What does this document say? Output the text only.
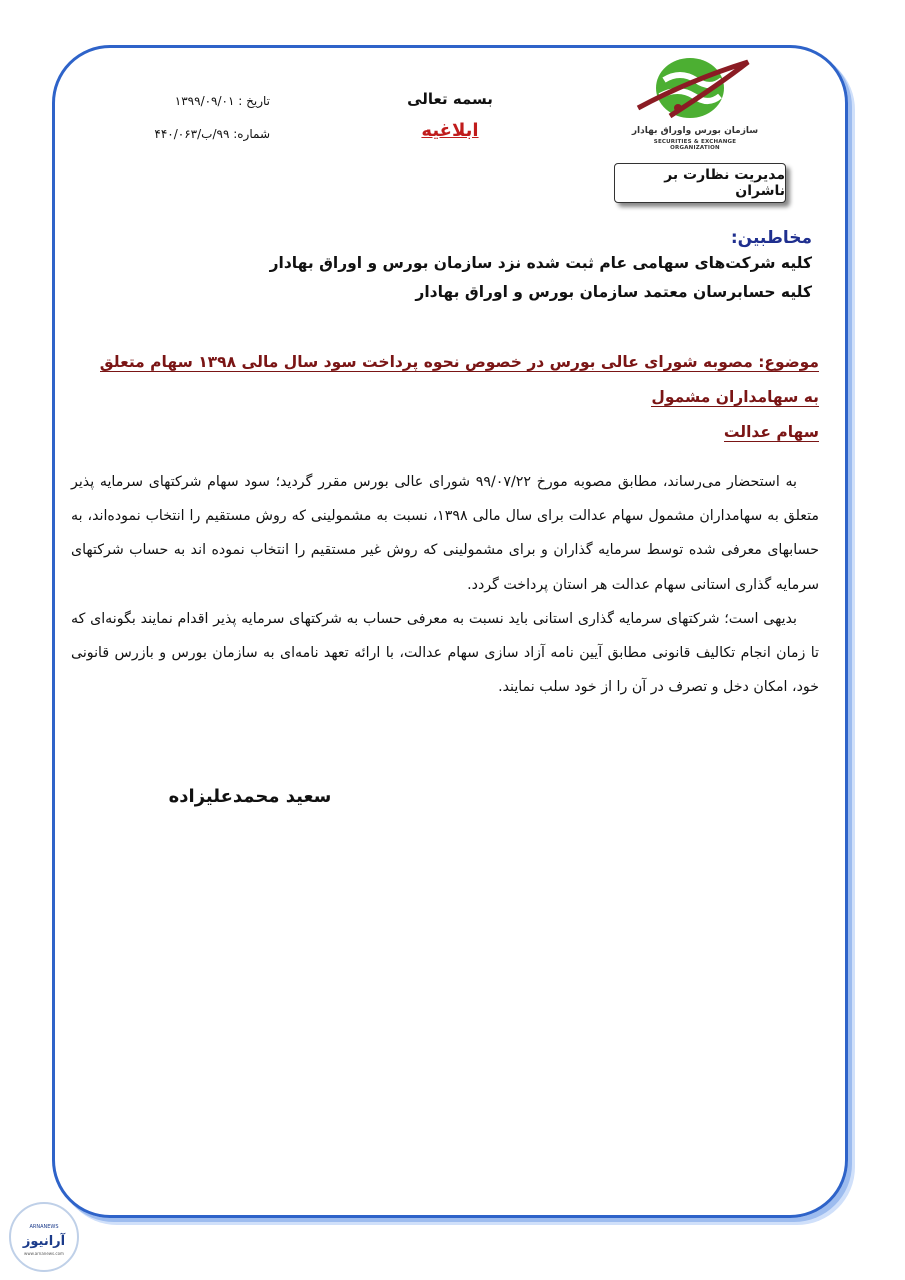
سازمان بورس واوراق بهادار
SECURITIES & EXCHANGE ORGANIZATION
مدیریت نظارت بر ناشران
بسمه تعالی
ابلاغیه
تاریخ : ۱۳۹۹/۰۹/۰۱
شماره: ۹۹/ب/۴۴۰/۰۶۳
مخاطبین:
کلیه شرکت‌های سهامی عام ثبت شده نزد سازمان بورس و اوراق بهادار
کلیه حسابرسان معتمد سازمان بورس و اوراق بهادار
موضوع: مصوبه شورای عالی بورس در خصوص نحوه پرداخت سود سال مالی ۱۳۹۸ سهام متعلق به سهامداران مشمول
سهام عدالت

به استحضار می‌رساند، مطابق مصوبه مورخ ۹۹/۰۷/۲۲ شورای عالی بورس مقرر گردید؛ سود سهام شرکتهای سرمایه پذیر متعلق به سهامداران مشمول سهام عدالت برای سال مالی ۱۳۹۸، نسبت به مشمولینی که روش مستقیم را انتخاب نموده‌اند، به حسابهای معرفی شده توسط سرمایه گذاران و برای مشمولینی که روش غیر مستقیم را انتخاب نموده اند به حساب شرکتهای سرمایه گذاری استانی سهام عدالت هر استان پرداخت گردد.

بدیهی است؛ شرکتهای سرمایه گذاری استانی باید نسبت به معرفی حساب به شرکتهای سرمایه پذیر اقدام نمایند بگونه‌ای که تا زمان انجام تکالیف قانونی مطابق آیین نامه آزاد سازی سهام عدالت، با ارائه تعهد نامه‌ای به سازمان بورس و بازرس قانونی خود، امکان دخل و تصرف در آن را از خود سلب نمایند.

سعید محمدعلیزاده
ARNANEWS
آرانیوز
www.arnanews.com
